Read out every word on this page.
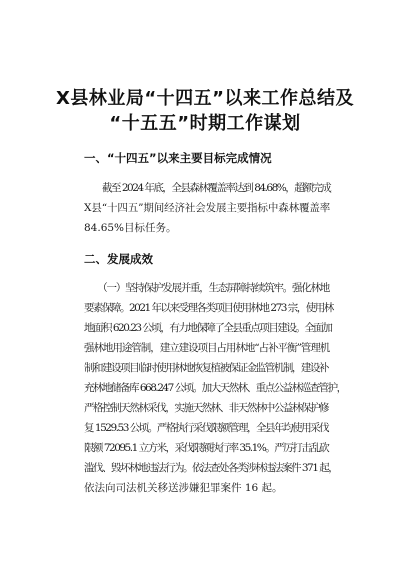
X县林业局“十四五”以来工作总结及
“十五五”时期工作谋划
一、“十四五”以来主要目标完成情况

　　截至 2024 年底，全县森林覆盖率达到 84.68%，超额完成

X县“十四五”期间经济社会发展主要指标中森林覆盖率

84.65%目标任务。

二、发展成效

　　（一）坚持保护发展并重，生态屏障持续筑牢。强化林地

要素保障。2021 年以来受理各类项目使用林地 273 宗，使用林

地面积 620.23 公顷，有力地保障了全县重点项目建设。全面加

强林地用途管制，建立建设项目占用林地“占补平衡”管理机

制和建设项目临时使用林地恢复植被保证金监管机制，建设补

充林地储备库 668.247 公顷。加大天然林、重点公益林巡查管护，

严格控制天然林采伐，实施天然林、非天然林中公益林保护修

复 1529.53 公顷。严格执行采伐限额管理，全县年均使用采伐

限额 72095.1 立方米，采伐限额执行率 35.1%。严厉打击乱砍

滥伐、毁坏林地违法行为。依法查处各类涉林违法案件 371 起，

依法向司法机关移送涉嫌犯罪案件 16 起。
